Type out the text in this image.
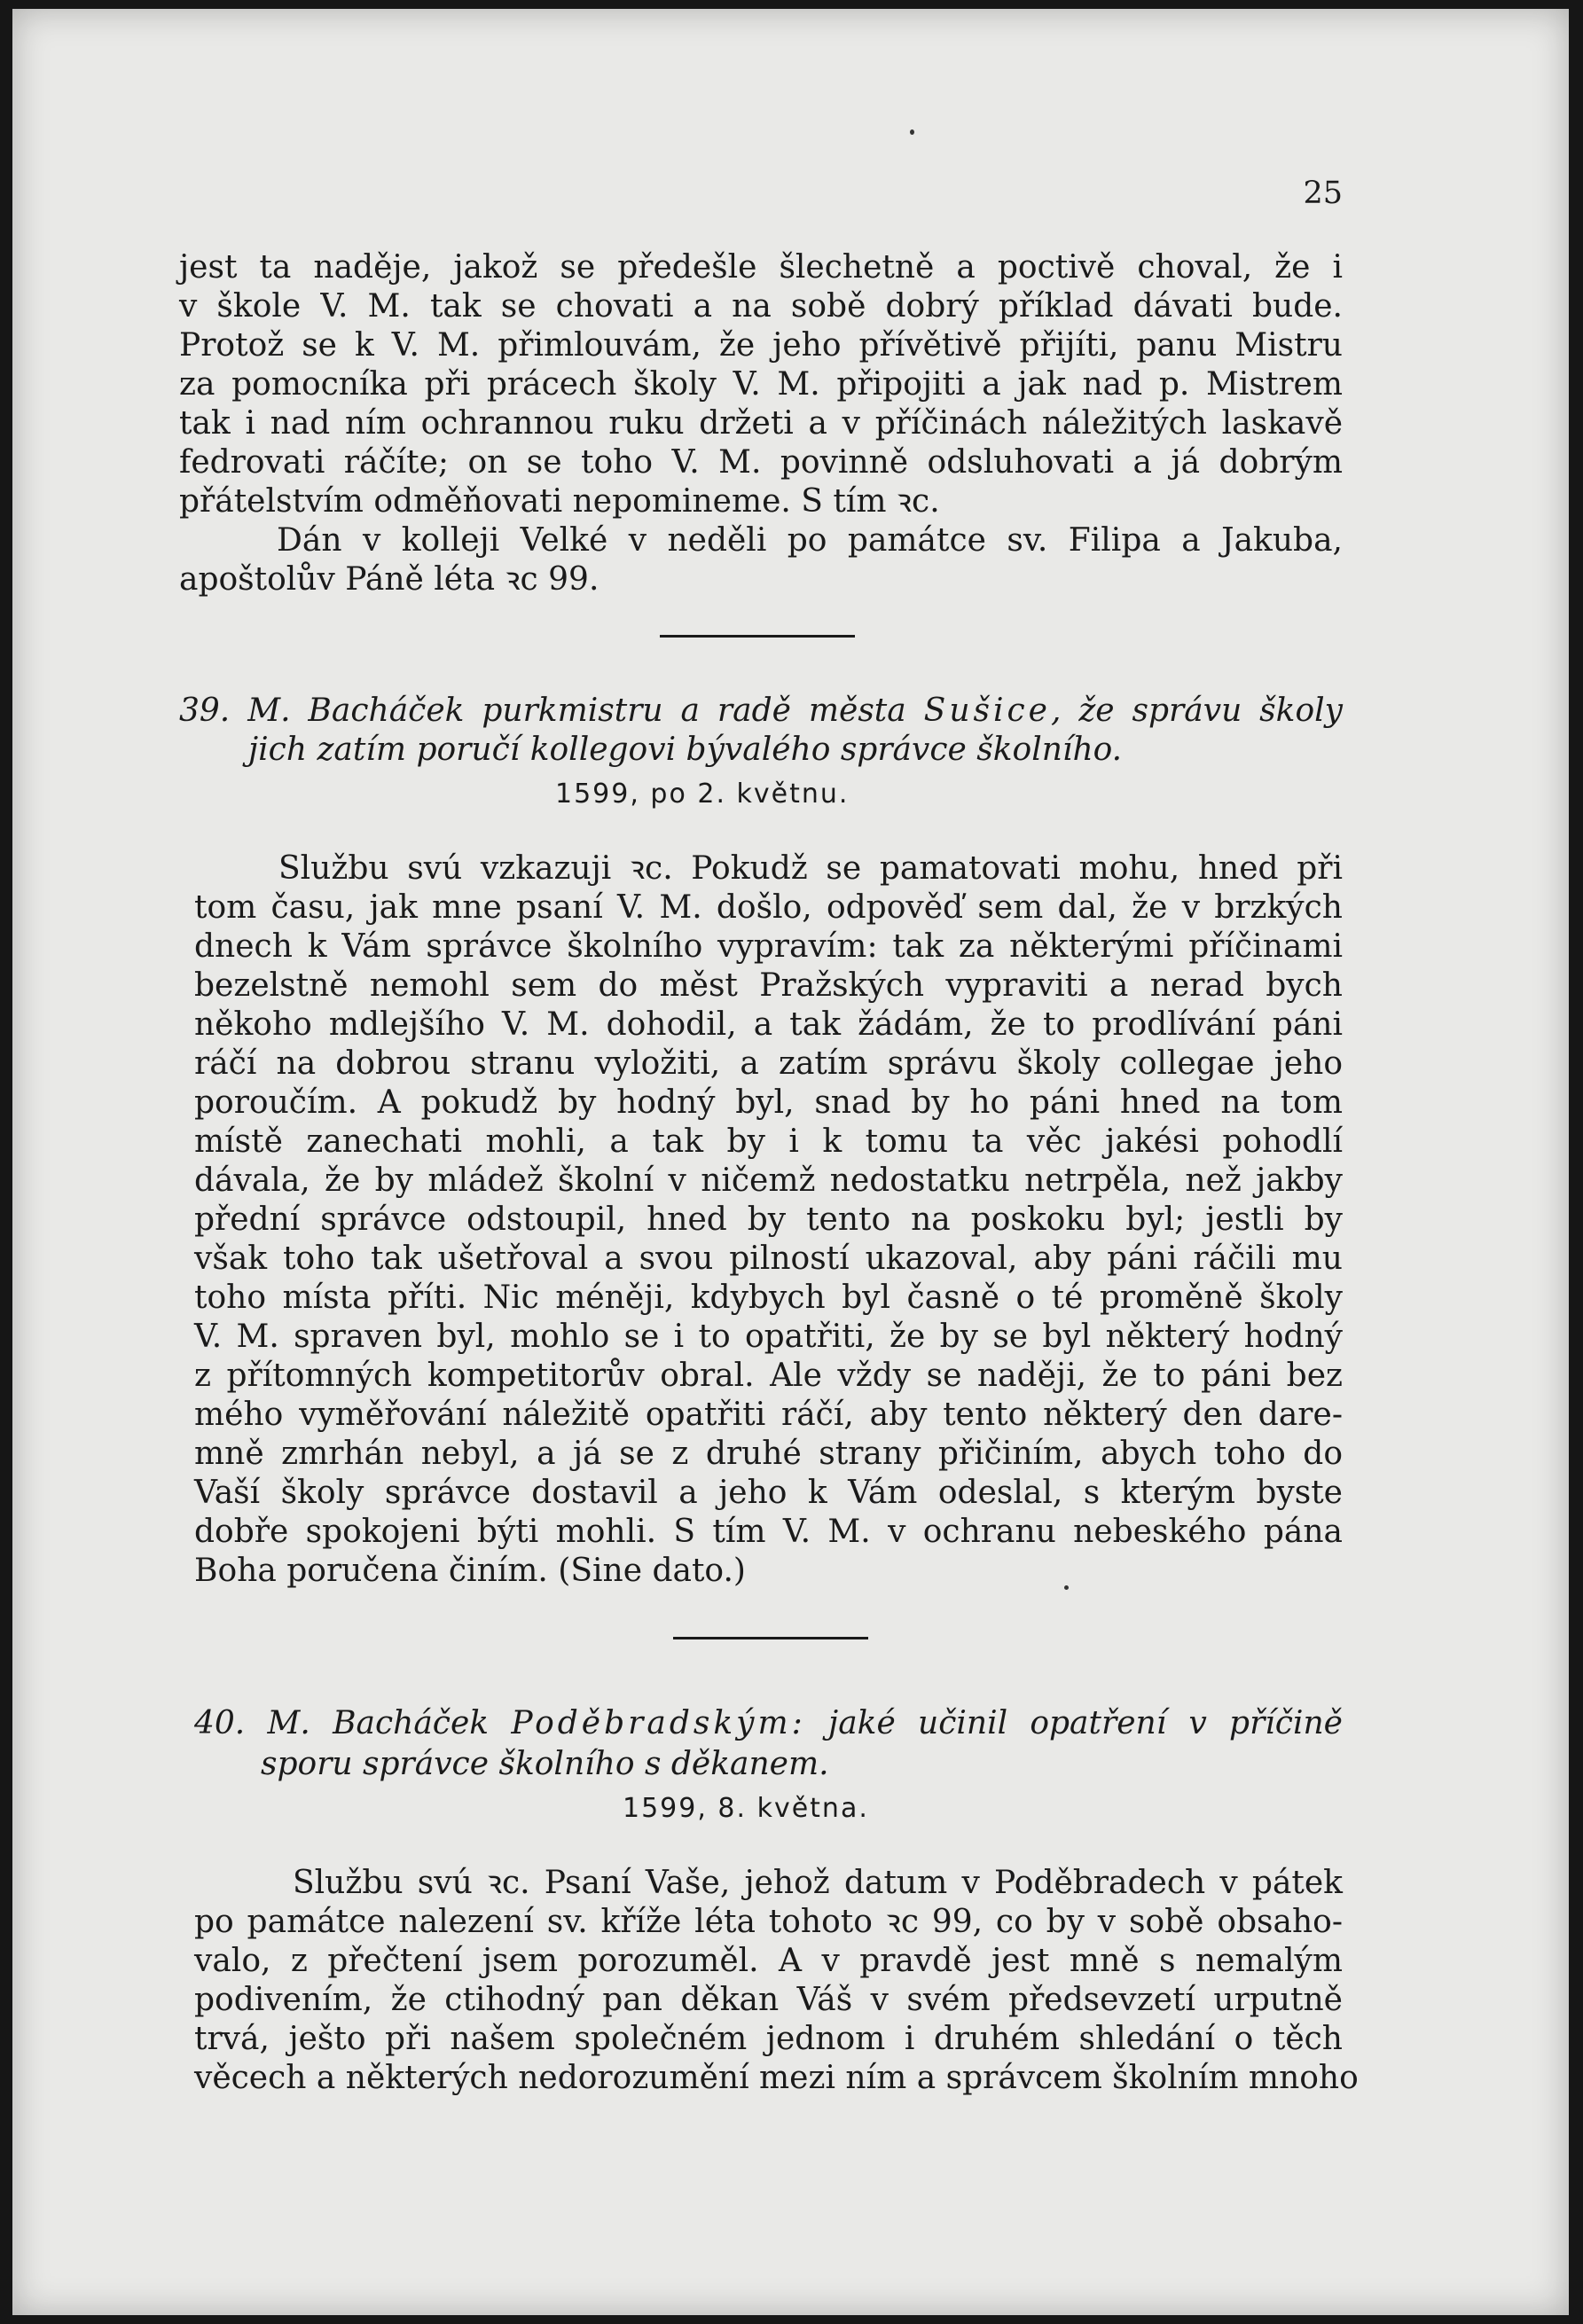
25
jest ta naděje, jakož se předešle šlechetně a poctivě choval, že i
v škole V. M. tak se chovati a na sobě dobrý příklad dávati bude.
Protož se k V. M. přimlouvám, že jeho přívětivě přijíti, panu Mistru
za pomocníka při prácech školy V. M. připojiti a jak nad p. Mistrem
tak i nad ním ochrannou ruku držeti a v příčinách náležitých laskavě
fedrovati ráčíte; on se toho V. M. povinně odsluhovati a já dobrým
přátelstvím odměňovati nepomineme. S tím ꝛc.
Dán v kolleji Velké v neděli po památce sv. Filipa a Jakuba,
apoštolův Páně léta ꝛc 99.
39. M. Bacháček purkmistru a radě města Sušice, že správu školy
jich zatím poručí kollegovi bývalého správce školního.
1599, po 2. květnu.
Službu svú vzkazuji ꝛc. Pokudž se pamatovati mohu, hned při
tom času, jak mne psaní V. M. došlo, odpověď sem dal, že v brzkých
dnech k Vám správce školního vypravím: tak za některými příčinami
bezelstně nemohl sem do měst Pražských vypraviti a nerad bych
někoho mdlejšího V. M. dohodil, a tak žádám, že to prodlívání páni
ráčí na dobrou stranu vyložiti, a zatím správu školy collegae jeho
poroučím. A pokudž by hodný byl, snad by ho páni hned na tom
místě zanechati mohli, a tak by i k tomu ta věc jakési pohodlí
dávala, že by mládež školní v ničemž nedostatku netrpěla, než jakby
přední správce odstoupil, hned by tento na poskoku byl; jestli by
však toho tak ušetřoval a svou pilností ukazoval, aby páni ráčili mu
toho místa příti. Nic méněji, kdybych byl časně o té proměně školy
V. M. spraven byl, mohlo se i to opatřiti, že by se byl některý hodný
z přítomných kompetitorův obral. Ale vždy se naději, že to páni bez
mého vyměřování náležitě opatřiti ráčí, aby tento některý den dare-
mně zmrhán nebyl, a já se z druhé strany přičiním, abych toho do
Vaší školy správce dostavil a jeho k Vám odeslal, s kterým byste
dobře spokojeni býti mohli. S tím V. M. v ochranu nebeského pána
Boha poručena činím. (Sine dato.)
40. M. Bacháček Poděbradským: jaké učinil opatření v příčině
sporu správce školního s děkanem.
1599, 8. května.
Službu svú ꝛc. Psaní Vaše, jehož datum v Poděbradech v pátek
po památce nalezení sv. kříže léta tohoto ꝛc 99, co by v sobě obsaho-
valo, z přečtení jsem porozuměl. A v pravdě jest mně s nemalým
podivením, že ctihodný pan děkan Váš v svém předsevzetí urputně
trvá, ješto při našem společném jednom i druhém shledání o těch
věcech a některých nedorozumění mezi ním a správcem školním mnoho
